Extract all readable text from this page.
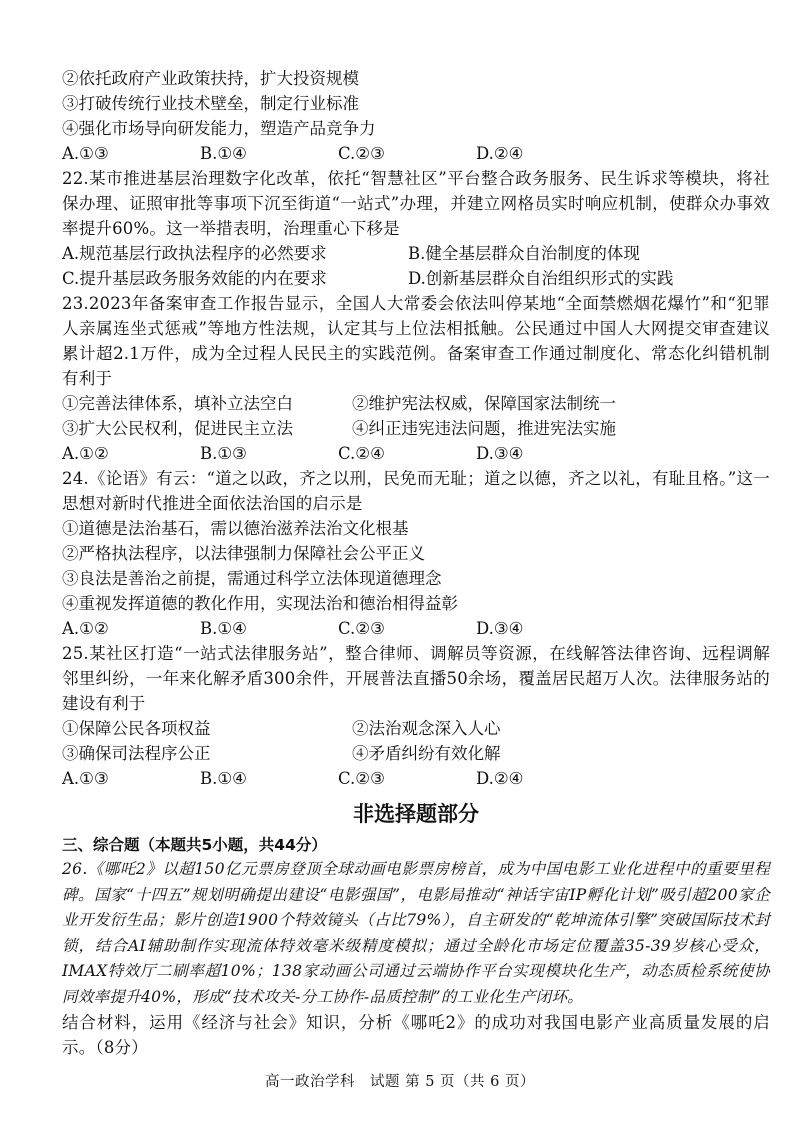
②依托政府产业政策扶持，扩大投资规模
③打破传统行业技术壁垒，制定行业标准
④强化市场导向研发能力，塑造产品竞争力
A.①③	B.①④	C.②③	D.②④
22.某市推进基层治理数字化改革，依托“智慧社区”平台整合政务服务、民生诉求等模块，将社保办理、证照审批等事项下沉至街道“一站式”办理，并建立网格员实时响应机制，使群众办事效率提升60%。这一举措表明，治理重心下移是
A.规范基层行政执法程序的必然要求	B.健全基层群众自治制度的体现
C.提升基层政务服务效能的内在要求	D.创新基层群众自治组织形式的实践
23.2023年备案审查工作报告显示，全国人大常委会依法叫停某地“全面禁燃烟花爆竹”和“犯罪人亲属连坐式惩戒”等地方性法规，认定其与上位法相抵触。公民通过中国人大网提交审查建议累计超2.1万件，成为全过程人民民主的实践范例。备案审查工作通过制度化、常态化纠错机制有利于
①完善法律体系，填补立法空白	②维护宪法权威，保障国家法制统一
③扩大公民权利，促进民主立法	④纠正违宪违法问题，推进宪法实施
A.①②	B.①③	C.②④	D.③④
24.《论语》有云：“道之以政，齐之以刑，民免而无耻；道之以德，齐之以礼，有耻且格。”这一思想对新时代推进全面依法治国的启示是
①道德是法治基石，需以德治滋养法治文化根基
②严格执法程序，以法律强制力保障社会公平正义
③良法是善治之前提，需通过科学立法体现道德理念
④重视发挥道德的教化作用，实现法治和德治相得益彰
A.①②	B.①④	C.②③	D.③④
25.某社区打造“一站式法律服务站”，整合律师、调解员等资源，在线解答法律咨询、远程调解邻里纠纷，一年来化解矛盾300余件，开展普法直播50余场，覆盖居民超万人次。法律服务站的建设有利于
①保障公民各项权益	②法治观念深入人心
③确保司法程序公正	④矛盾纠纷有效化解
A.①③	B.①④	C.②③	D.②④
非选择题部分
三、综合题（本题共5小题，共44分）
26.《哪吒2》以超150亿元票房登顶全球动画电影票房榜首，成为中国电影工业化进程中的重要里程碑。国家“十四五”规划明确提出建设“电影强国”，电影局推动“神话宇宙IP孵化计划”吸引超200家企业开发衍生品；影片创造1900个特效镜头（占比79%），自主研发的“乾坤流体引擎”突破国际技术封锁，结合AI辅助制作实现流体特效毫米级精度模拟；通过全龄化市场定位覆盖35-39岁核心受众，IMAX特效厅二刷率超10%；138家动画公司通过云端协作平台实现模块化生产，动态质检系统使协同效率提升40%，形成“技术攻关-分工协作-品质控制”的工业化生产闭环。
结合材料，运用《经济与社会》知识，分析《哪吒2》的成功对我国电影产业高质量发展的启示。（8分）
高一政治学科　试题 第 5 页（共 6 页）
